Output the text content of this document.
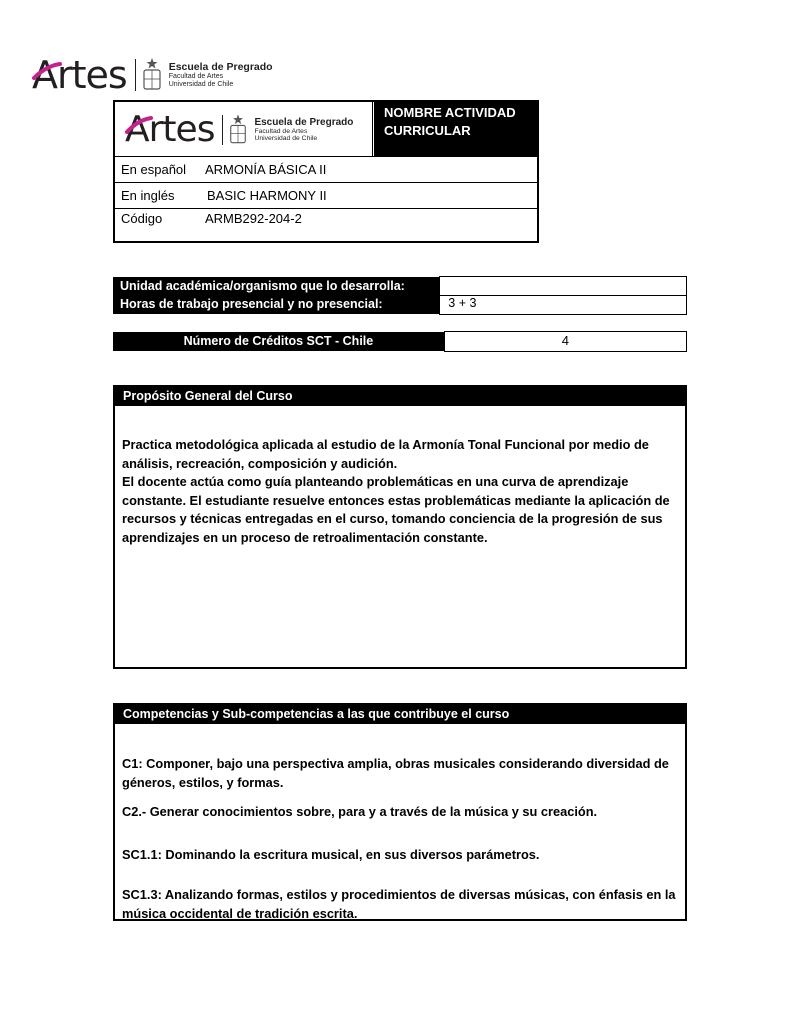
Artes	Escuela de Pregrado
Facultad de Artes
Universidad de Chile
Artes	Escuela de Pregrado
Facultad de Artes
Universidad de Chile
NOMBRE ACTIVIDAD
CURRICULAR
En español	ARMONÍA BÁSICA II
En inglés	BASIC HARMONY II
Código	ARMB292-204-2
Unidad académica/organismo que lo desarrolla:
Horas de trabajo presencial y no presencial:	3 + 3
Número de Créditos SCT - Chile	4
Propósito General del Curso

Practica metodológica aplicada al estudio de la Armonía Tonal Funcional por medio de análisis, recreación, composición y audición.

El docente actúa como guía planteando problemáticas en una curva de aprendizaje constante. El estudiante resuelve entonces estas problemáticas mediante la aplicación de recursos y técnicas entregadas en el curso, tomando conciencia de la progresión de sus aprendizajes en un proceso de retroalimentación constante.

Competencias y Sub-competencias a las que contribuye el curso

C1: Componer, bajo una perspectiva amplia, obras musicales considerando diversidad de géneros, estilos, y formas.

C2.- Generar conocimientos sobre, para y a través de la música y su creación.

SC1.1: Dominando la escritura musical, en sus diversos parámetros.

SC1.3: Analizando formas, estilos y procedimientos de diversas músicas, con énfasis en la música occidental de tradición escrita.
